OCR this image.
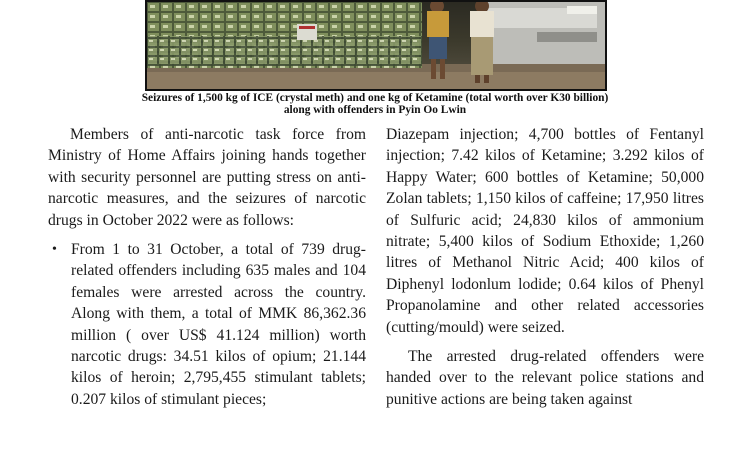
Seizures of 1,500 kg of ICE (crystal meth) and one kg of Ketamine (total worth over K30 billion)
along with offenders in Pyin Oo Lwin

Members of anti-narcotic task force from Ministry of Home Affairs joining hands together with security personnel are putting stress on anti-narcotic measures, and the seizures of narcotic drugs in October 2022 were as follows:

• From 1 to 31 October, a total of 739 drug-related offenders including 635 males and 104 females were arrested across the country. Along with them, a total of MMK 86,362.36 million ( over US$ 41.124 million) worth narcotic drugs: 34.51 kilos of opium; 21.144 kilos of heroin; 2,795,455 stimulant tablets; 0.207 kilos of stimulant pieces;

Diazepam injection; 4,700 bottles of Fentanyl injection; 7.42 kilos of Ketamine; 3.292 kilos of Happy Water; 600 bottles of Ketamine; 50,000 Zolan tablets; 1,150 kilos of caffeine; 17,950 litres of Sulfuric acid; 24,830 kilos of ammonium nitrate; 5,400 kilos of Sodium Ethoxide; 1,260 litres of Methanol Nitric Acid; 400 kilos of Diphenyl lodonlum lodide; 0.64 kilos of Phenyl Propanolamine and other related accessories (cutting/mould) were seized.

The arrested drug-related offenders were handed over to the relevant police stations and punitive actions are being taken against
